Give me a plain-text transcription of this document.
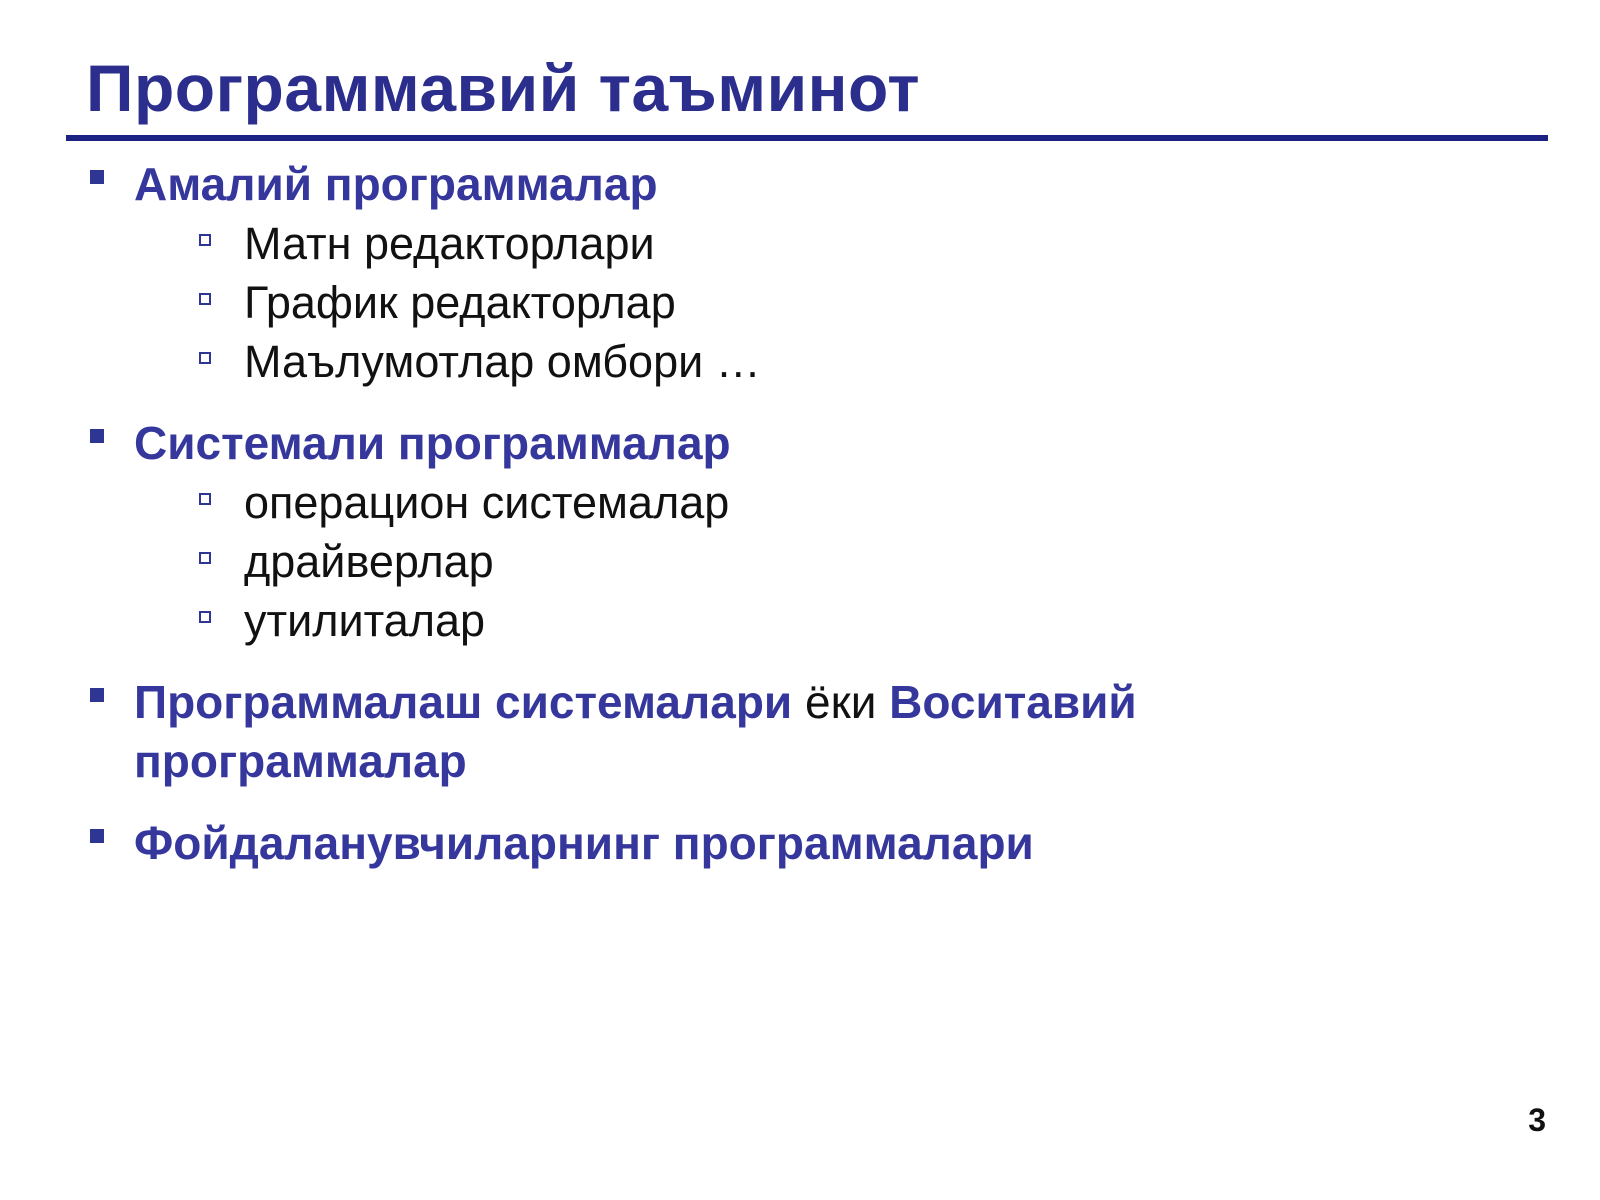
Программавий таъминот
Амалий программалар
Матн редакторлари
График редакторлар
Маълумотлар омбори …
Системали программалар
операцион системалар
драйверлар
утилиталар
Программалаш системалари ёки Воситавий программалар
Фойдаланувчиларнинг программалари
3
